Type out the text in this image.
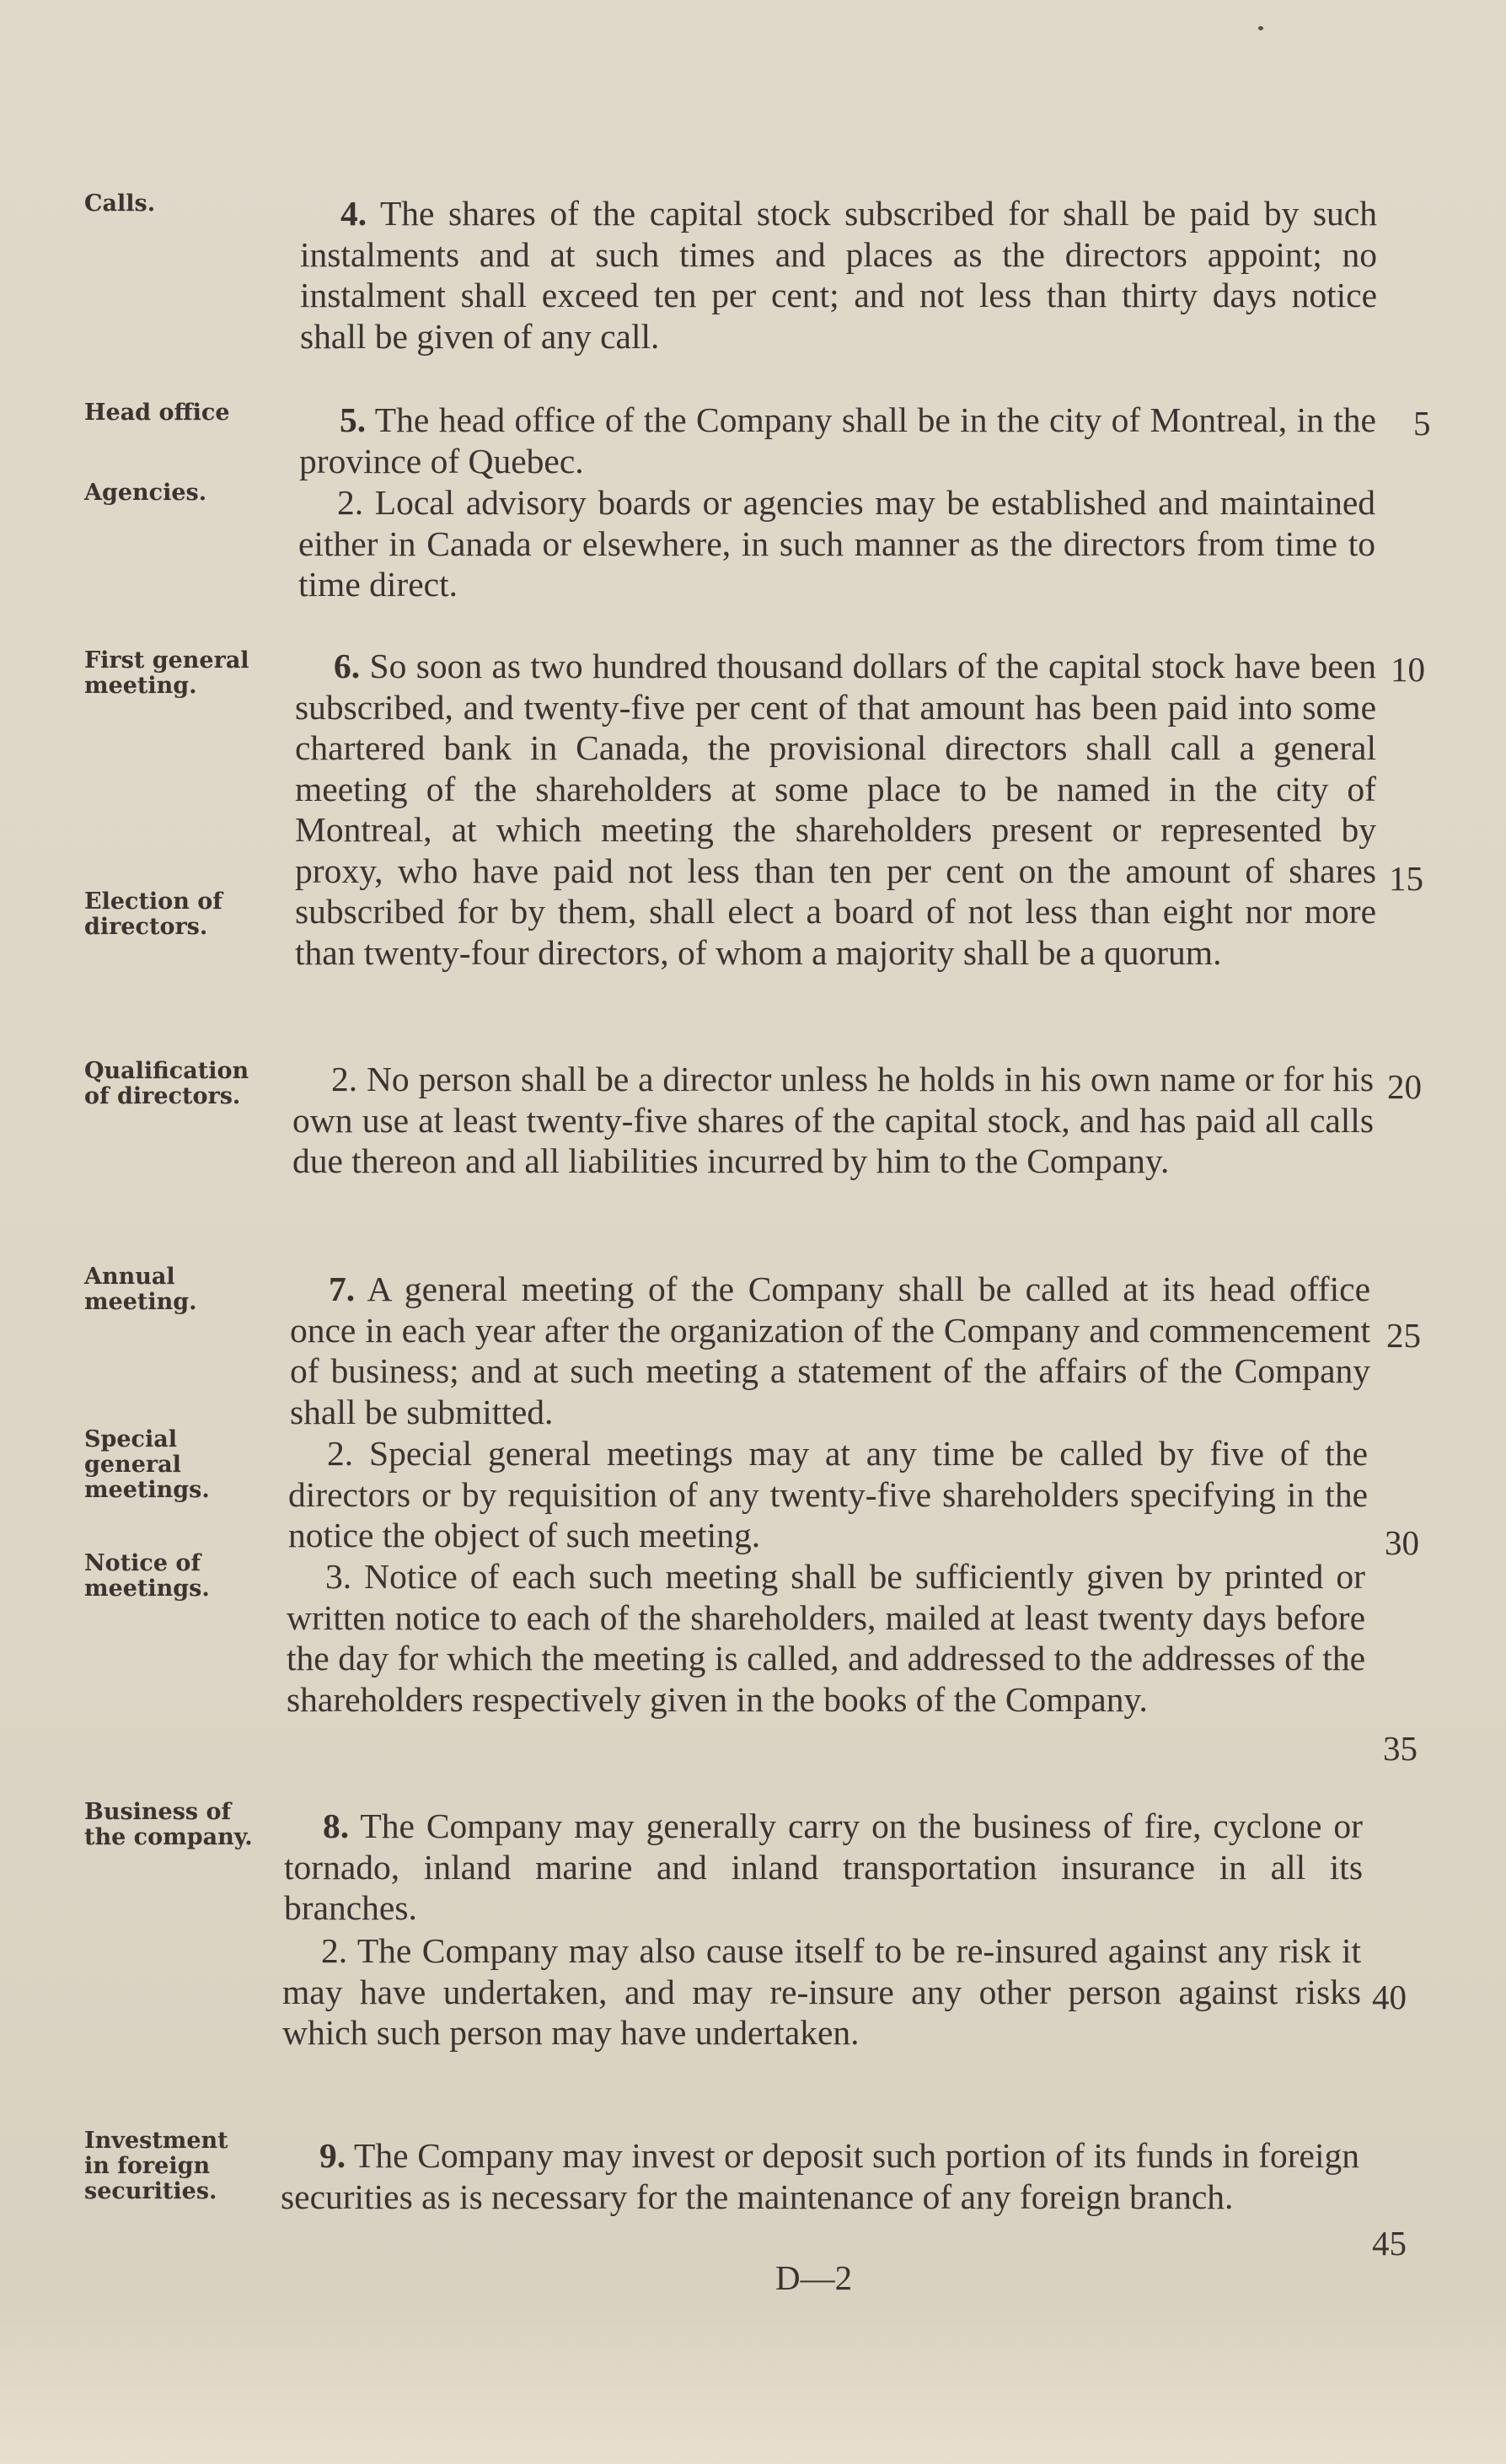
Calls.

Head office

Agencies.

First general meeting.

Election of directors.

Qualification of directors.

Annual meeting.

Special general meetings.

Notice of meetings.

Business of the company.

Investment in foreign securities.

4. The shares of the capital stock subscribed for shall be paid by such instalments and at such times and places as the directors appoint; no instalment shall exceed ten per cent; and not less than thirty days notice shall be given of any call.

5. The head office of the Company shall be in the city of Montreal, in the province of Quebec.

2. Local advisory boards or agencies may be established and maintained either in Canada or elsewhere, in such manner as the directors from time to time direct.

6. So soon as two hundred thousand dollars of the capital stock have been subscribed, and twenty-five per cent of that amount has been paid into some chartered bank in Canada, the provisional directors shall call a general meeting of the shareholders at some place to be named in the city of Montreal, at which meeting the shareholders present or represented by proxy, who have paid not less than ten per cent on the amount of shares subscribed for by them, shall elect a board of not less than eight nor more than twenty-four directors, of whom a majority shall be a quorum.

2. No person shall be a director unless he holds in his own name or for his own use at least twenty-five shares of the capital stock, and has paid all calls due thereon and all liabilities incurred by him to the Company.

7. A general meeting of the Company shall be called at its head office once in each year after the organization of the Company and commencement of business; and at such meeting a statement of the affairs of the Company shall be submitted.

2. Special general meetings may at any time be called by five of the directors or by requisition of any twenty-five shareholders specifying in the notice the object of such meeting.

3. Notice of each such meeting shall be sufficiently given by printed or written notice to each of the shareholders, mailed at least twenty days before the day for which the meeting is called, and addressed to the addresses of the shareholders respectively given in the books of the Company.

8. The Company may generally carry on the business of fire, cyclone or tornado, inland marine and inland transportation insurance in all its branches.

2. The Company may also cause itself to be re-insured against any risk it may have undertaken, and may re-insure any other person against risks which such person may have undertaken.

9. The Company may invest or deposit such portion of its funds in foreign securities as is necessary for the maintenance of any foreign branch.

5

10

15

20

25

30

35

40

45

D—2
